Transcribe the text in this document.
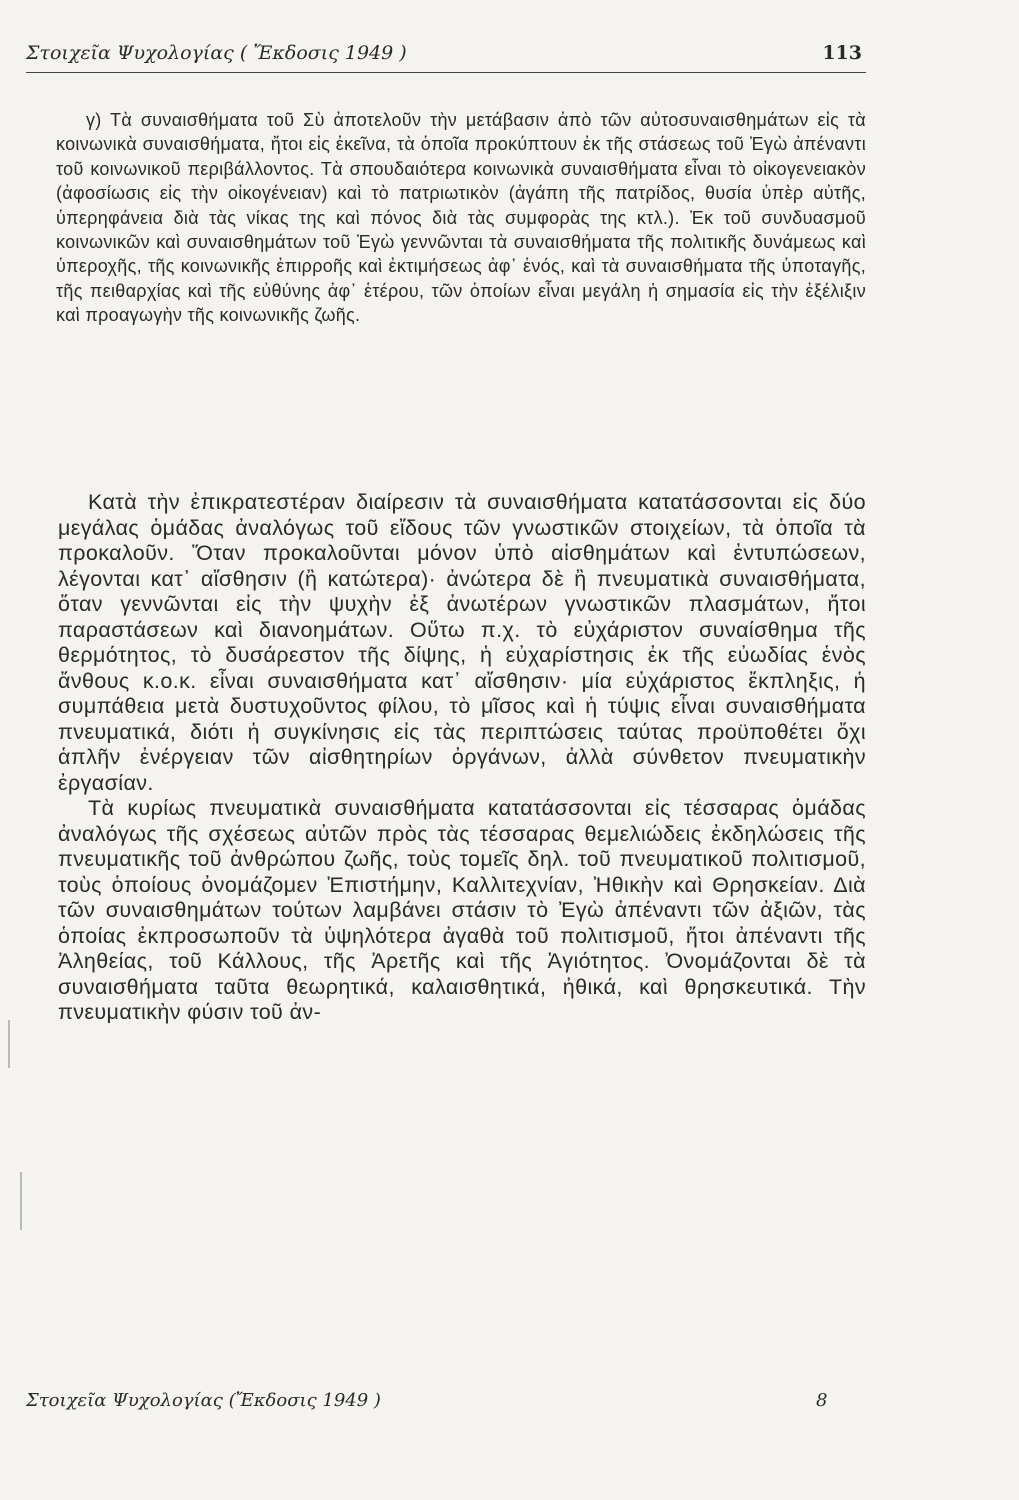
Στοιχεῖα Ψυχολογίας ( Ἔκδοσις 1949 )	113
γ) Τὰ συναισθήματα τοῦ Σὺ ἀποτελοῦν τὴν μετάβασιν ἀπὸ τῶν αὐτοσυναισθημάτων εἰς τὰ κοινωνικὰ συναισθήματα, ἤτοι εἰς ἐκεῖνα, τὰ ὁποῖα προκύπτουν ἐκ τῆς στάσεως τοῦ Ἐγὼ ἀπέναντι τοῦ κοινωνικοῦ περιβάλλοντος. Τὰ σπουδαιότερα κοινωνικὰ συναισθήματα εἶναι τὸ οἰκογενειακὸν (ἀφοσίωσις εἰς τὴν οἰκογένειαν) καὶ τὸ πατριωτικὸν (ἀγάπη τῆς πατρίδος, θυσία ὑπὲρ αὐτῆς, ὑπερηφάνεια διὰ τὰς νίκας της καὶ πόνος διὰ τὰς συμφορὰς της κτλ.). Ἐκ τοῦ συνδυασμοῦ κοινωνικῶν καὶ συναισθημάτων τοῦ Ἐγὼ γεννῶνται τὰ συναισθήματα τῆς πολιτικῆς δυνάμεως καὶ ὑπεροχῆς, τῆς κοινωνικῆς ἐπιρροῆς καὶ ἐκτιμήσεως ἀφ᾽ ἑνός, καὶ τὰ συναισθήματα τῆς ὑποταγῆς, τῆς πειθαρχίας καὶ τῆς εὐθύνης ἀφ᾽ ἑτέρου, τῶν ὁποίων εἶναι μεγάλη ἡ σημασία εἰς τὴν ἐξέλιξιν καὶ προαγωγὴν τῆς κοινωνικῆς ζωῆς.

Κατὰ τὴν ἐπικρατεστέραν διαίρεσιν τὰ συναισθήματα κατατάσσονται εἰς δύο μεγάλας ὁμάδας ἀναλόγως τοῦ εἴδους τῶν γνωστικῶν στοιχείων, τὰ ὁποῖα τὰ προκαλοῦν. Ὅταν προκαλοῦνται μόνον ὑπὸ αἰσθημάτων καὶ ἐντυπώσεων, λέγονται κατ᾽ αἴσθησιν (ἢ κατώτερα)· ἀνώτερα δὲ ἢ πνευματικὰ συναισθήματα, ὅταν γεννῶνται εἰς τὴν ψυχὴν ἐξ ἀνωτέρων γνωστικῶν πλασμάτων, ἤτοι παραστάσεων καὶ διανοημάτων. Οὕτω π.χ. τὸ εὐχάριστον συναίσθημα τῆς θερμότητος, τὸ δυσάρεστον τῆς δίψης, ἡ εὐχαρίστησις ἐκ τῆς εὐωδίας ἑνὸς ἄνθους κ.ο.κ. εἶναι συναισθήματα κατ᾽ αἴσθησιν· μία εὐχάριστος ἔκπληξις, ἡ συμπάθεια μετὰ δυστυχοῦντος φίλου, τὸ μῖσος καὶ ἡ τύψις εἶναι συναισθήματα πνευματικά, διότι ἡ συγκίνησις εἰς τὰς περιπτώσεις ταύτας προϋποθέτει ὄχι ἁπλῆν ἐνέργειαν τῶν αἰσθητηρίων ὀργάνων, ἀλλὰ σύνθετον πνευματικὴν ἐργασίαν.

Τὰ κυρίως πνευματικὰ συναισθήματα κατατάσσονται εἰς τέσσαρας ὁμάδας ἀναλόγως τῆς σχέσεως αὐτῶν πρὸς τὰς τέσσαρας θεμελιώδεις ἐκδηλώσεις τῆς πνευματικῆς τοῦ ἀνθρώπου ζωῆς, τοὺς τομεῖς δηλ. τοῦ πνευματικοῦ πολιτισμοῦ, τοὺς ὁποίους ὀνομάζομεν Ἐπιστήμην, Καλλιτεχνίαν, Ἠθικὴν καὶ Θρησκείαν. Διὰ τῶν συναισθημάτων τούτων λαμβάνει στάσιν τὸ Ἐγὼ ἀπέναντι τῶν ἀξιῶν, τὰς ὁποίας ἐκπροσωποῦν τὰ ὑψηλότερα ἀγαθὰ τοῦ πολιτισμοῦ, ἤτοι ἀπέναντι τῆς Ἀληθείας, τοῦ Κάλλους, τῆς Ἀρετῆς καὶ τῆς Ἁγιότητος. Ὀνομάζονται δὲ τὰ συναισθήματα ταῦτα θεωρητικά, καλαισθητικά, ἠθικά, καὶ θρησκευτικά. Τὴν πνευματικὴν φύσιν τοῦ ἀν-

Στοιχεῖα Ψυχολογίας (Ἔκδοσις 1949 )	8
